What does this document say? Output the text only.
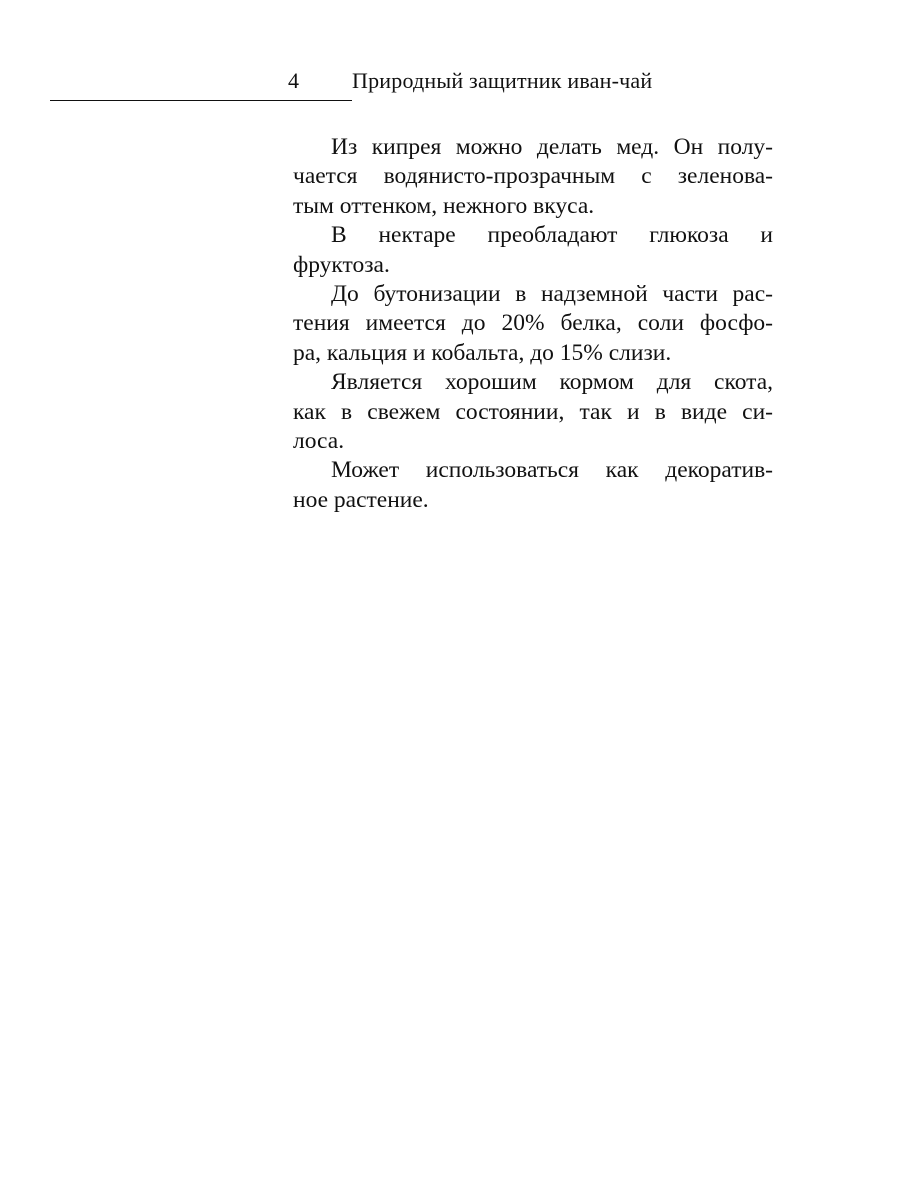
4 Природный защитник иван-чай
Из кипрея можно делать мед. Он полу-
чается водянисто-прозрачным с зеленова-
тым оттенком, нежного вкуса.
В нектаре преобладают глюкоза и
фруктоза.
До бутонизации в надземной части рас-
тения имеется до 20% белка, соли фосфо-
ра, кальция и кобальта, до 15% слизи.
Является хорошим кормом для скота,
как в свежем состоянии, так и в виде си-
лоса.
Может использоваться как декоратив-
ное растение.
